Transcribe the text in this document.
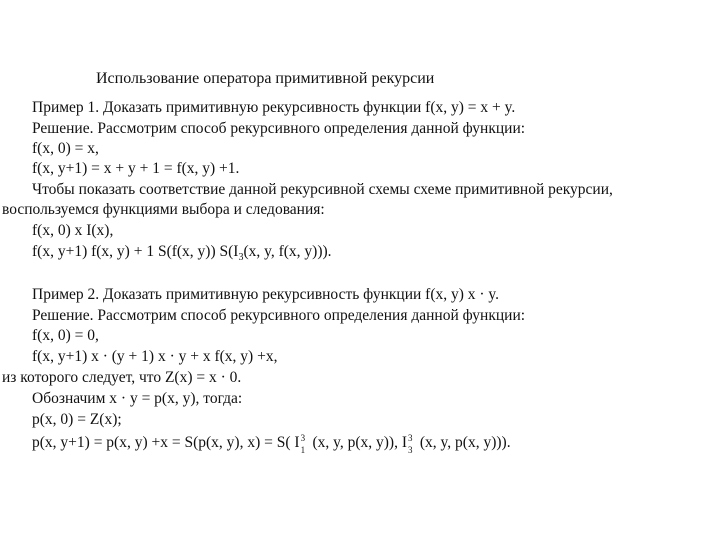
Использование оператора примитивной рекурсии
Пример 1. Доказать примитивную рекурсивность функции f(x, y) = x + y.
Решение. Рассмотрим способ рекурсивного определения данной функции:
f(x, 0) = x,
f(x, y+1) = x + y + 1 = f(x, y) +1.
Чтобы показать соответствие данной рекурсивной схемы схеме примитивной рекурсии,
воспользуемся функциями выбора и следования:
f(x, 0) x I(x),
f(x, y+1) f(x, y) + 1 S(f(x, y)) $S(I_3(x$, y, f(x, y))).
Пример 2. Доказать примитивную рекурсивность функции f(x, y) x · y.
Решение. Рассмотрим способ рекурсивного определения данной функции:
f(x, 0) = 0,
f(x, y+1) x · (y + 1) x · y + x f(x, y) +x,
из которого следует, что Z(x) = x · 0.
Обозначим x · y = p(x, y), тогда:
p(x, 0) = Z(x);
p(x, y+1) = p(x, y) +x = S(p(x, y), x) = S( I 3
1 (x, y, p(x, y)), I 3
3 (x, y, p(x, y))).
